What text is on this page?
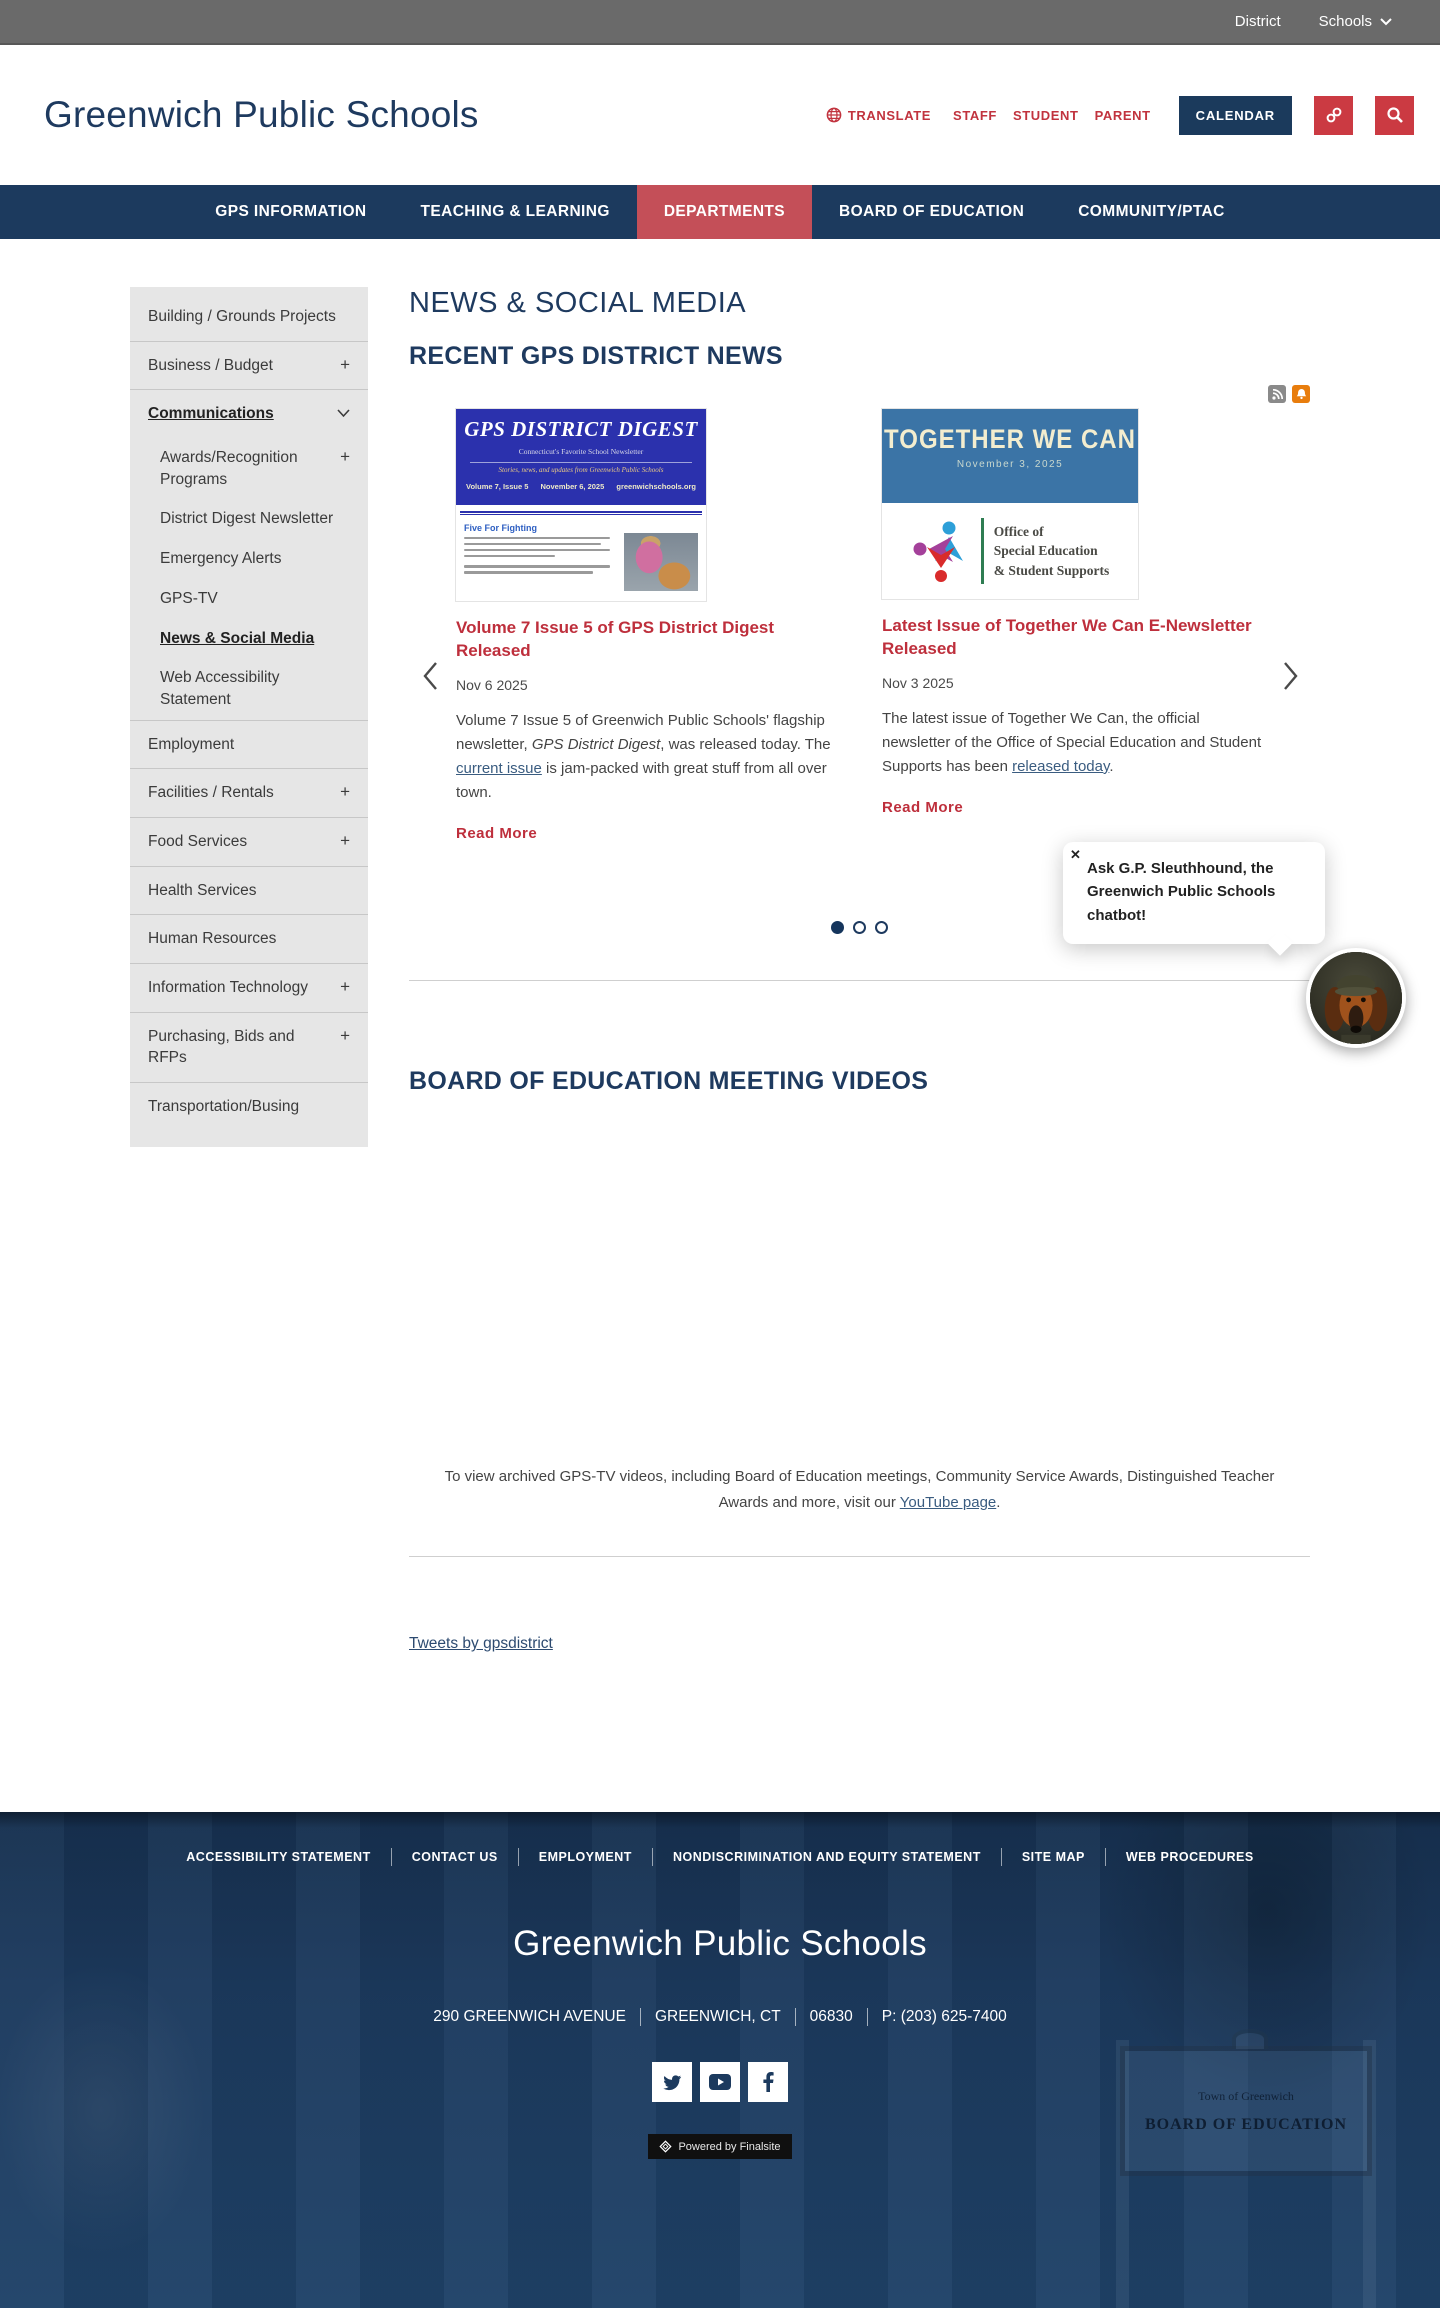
District	Schools
Greenwich Public Schools	TRANSLATE STAFF STUDENT PARENT	CALENDAR
GPS INFORMATION	TEACHING & LEARNING	DEPARTMENTS	BOARD OF EDUCATION	COMMUNITY/PTAC
Building / Grounds Projects
Business / Budget	+
Communications
Awards/Recognition Programs
+
District Digest Newsletter
Emergency Alerts
GPS-TV
News & Social Media
Web Accessibility Statement
Employment
Facilities / Rentals	+
Food Services	+
Health Services
Human Resources
Information Technology	+
Purchasing, Bids and RFPs
+
Transportation/Busing
NEWS & SOCIAL MEDIA
RECENT GPS DISTRICT NEWS
GPS DISTRICT DIGEST
Connecticut's Favorite School Newsletter
Stories, news, and updates from Greenwich Public Schools
Volume 7, Issue 5 November 6, 2025 greenwichschools.org
Five For Fighting
Volume 7 Issue 5 of GPS District Digest Released
Nov 6 2025

Volume 7 Issue 5 of Greenwich Public Schools' flagship newsletter, GPS District Digest, was released today. The current issue is jam-packed with great stuff from all over town.

Read More
TOGETHER WE CAN
November 3, 2025
Office of
Special Education
& Student Supports
Latest Issue of Together We Can E-Newsletter Released
Nov 3 2025

The latest issue of Together We Can, the official newsletter of the Office of Special Education and Student Supports has been released today.

Read More
BOARD OF EDUCATION MEETING VIDEOS

To view archived GPS-TV videos, including Board of Education meetings, Community Service Awards, Distinguished Teacher Awards and more, visit our YouTube page.

Tweets by gpsdistrict
✕
Ask G.P. Sleuthhound, the Greenwich Public Schools chatbot!
Town of Greenwich
BOARD OF EDUCATION
ACCESSIBILITY STATEMENT	CONTACT US	EMPLOYMENT	NONDISCRIMINATION AND EQUITY STATEMENT	SITE MAP	WEB PROCEDURES
Greenwich Public Schools
290 GREENWICH AVENUE	GREENWICH, CT	06830	P: (203) 625-7400
Powered by Finalsite
